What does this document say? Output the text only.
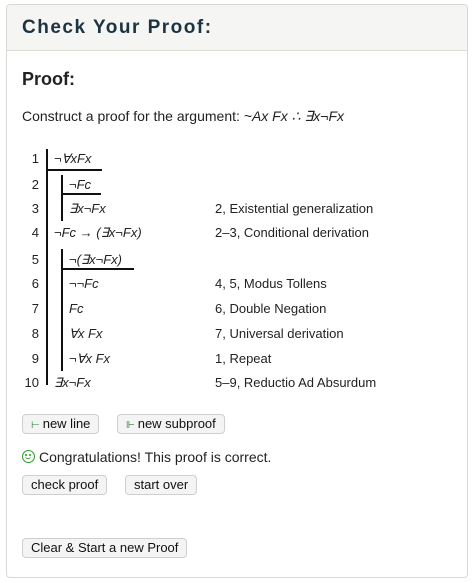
Check Your Proof:
Proof:
Construct a proof for the argument: ~Ax Fx ∴ ∃x¬Fx
1 ¬∀xFx
2 ¬Fc
3 ∃x¬Fx	2, Existential generalization
4 ¬Fc → (∃x¬Fx)	2–3, Conditional derivation
5 ¬(∃x¬Fx)
6 ¬¬Fc	4, 5, Modus Tollens
7 Fc	6, Double Negation
8 ∀x Fx	7, Universal derivation
9 ¬∀x Fx	1, Repeat
10 ∃x¬Fx	5–9, Reductio Ad Absurdum
⊢ new line	⊩ new subproof
Congratulations! This proof is correct.
check proof	start over
Clear & Start a new Proof
